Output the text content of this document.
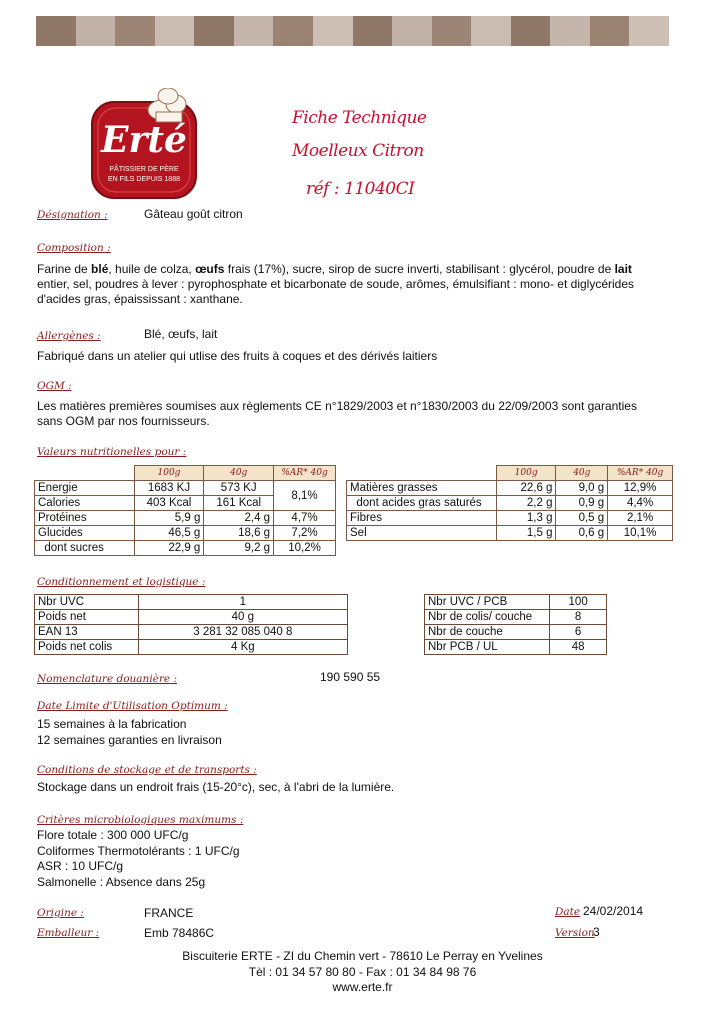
Erté
PÂTISSIER DE PÈRE
EN FILS DEPUIS 1888
Fiche Technique
Moelleux Citron
réf : 11040CI
Désignation :	Gâteau goût citron
Composition :
Farine de blé, huile de colza, œufs frais (17%), sucre, sirop de sucre inverti, stabilisant : glycérol, poudre de lait entier, sel, poudres à lever : pyrophosphate et bicarbonate de soude, arômes, émulsifiant : mono- et diglycérides d'acides gras, épaississant : xanthane.
Allergènes :	Blé, œufs, lait
Fabriqué dans un atelier qui utlise des fruits à coques et des dérivés laitiers
OGM :
Les matières premières soumises aux règlements CE n°1829/2003 et n°1830/2003 du 22/09/2003 sont garanties sans OGM par nos fournisseurs.
Valeurs nutritionelles pour :
	100g	40g	%AR* 40g
Energie	1683 KJ	573 KJ	8,1%
Calories	403 Kcal	161 Kcal	
Protéines	5,9 g	2,4 g	4,7%
Glucides	46,5 g	18,6 g	7,2%
dont sucres	22,9 g	9,2 g	10,2%
	100g	40g	%AR* 40g
Matières grasses	22,6 g	9,0 g	12,9%
dont acides gras saturés	2,2 g	0,9 g	4,4%
Fibres	1,3 g	0,5 g	2,1%
Sel	1,5 g	0,6 g	10,1%
Conditionnement et logistique :
Nbr UVC	1
Poids net	40 g
EAN 13	3 281 32 085 040 8
Poids net colis	4 Kg
Nbr UVC / PCB	100
Nbr de colis/ couche	8
Nbr de couche	6
Nbr PCB / UL	48
Nomenclature douanière :	190 590 55
Date Limite d'Utilisation Optimum :
15 semaines à la fabrication
12 semaines garanties en livraison
Conditions de stockage et de transports :
Stockage dans un endroit frais (15-20°c), sec, à l'abri de la lumière.
Critères microbiologiques maximums :
Flore totale : 300 000 UFC/g
Coliformes Thermotolérants : 1 UFC/g
ASR : 10 UFC/g
Salmonelle : Absence dans 25g
Origine :	FRANCE
Emballeur :	Emb 78486C
Date 24/02/2014
Version
3
Biscuiterie ERTE - ZI du Chemin vert - 78610 Le Perray en Yvelines
Tèl : 01 34 57 80 80 - Fax : 01 34 84 98 76
www.erte.fr
